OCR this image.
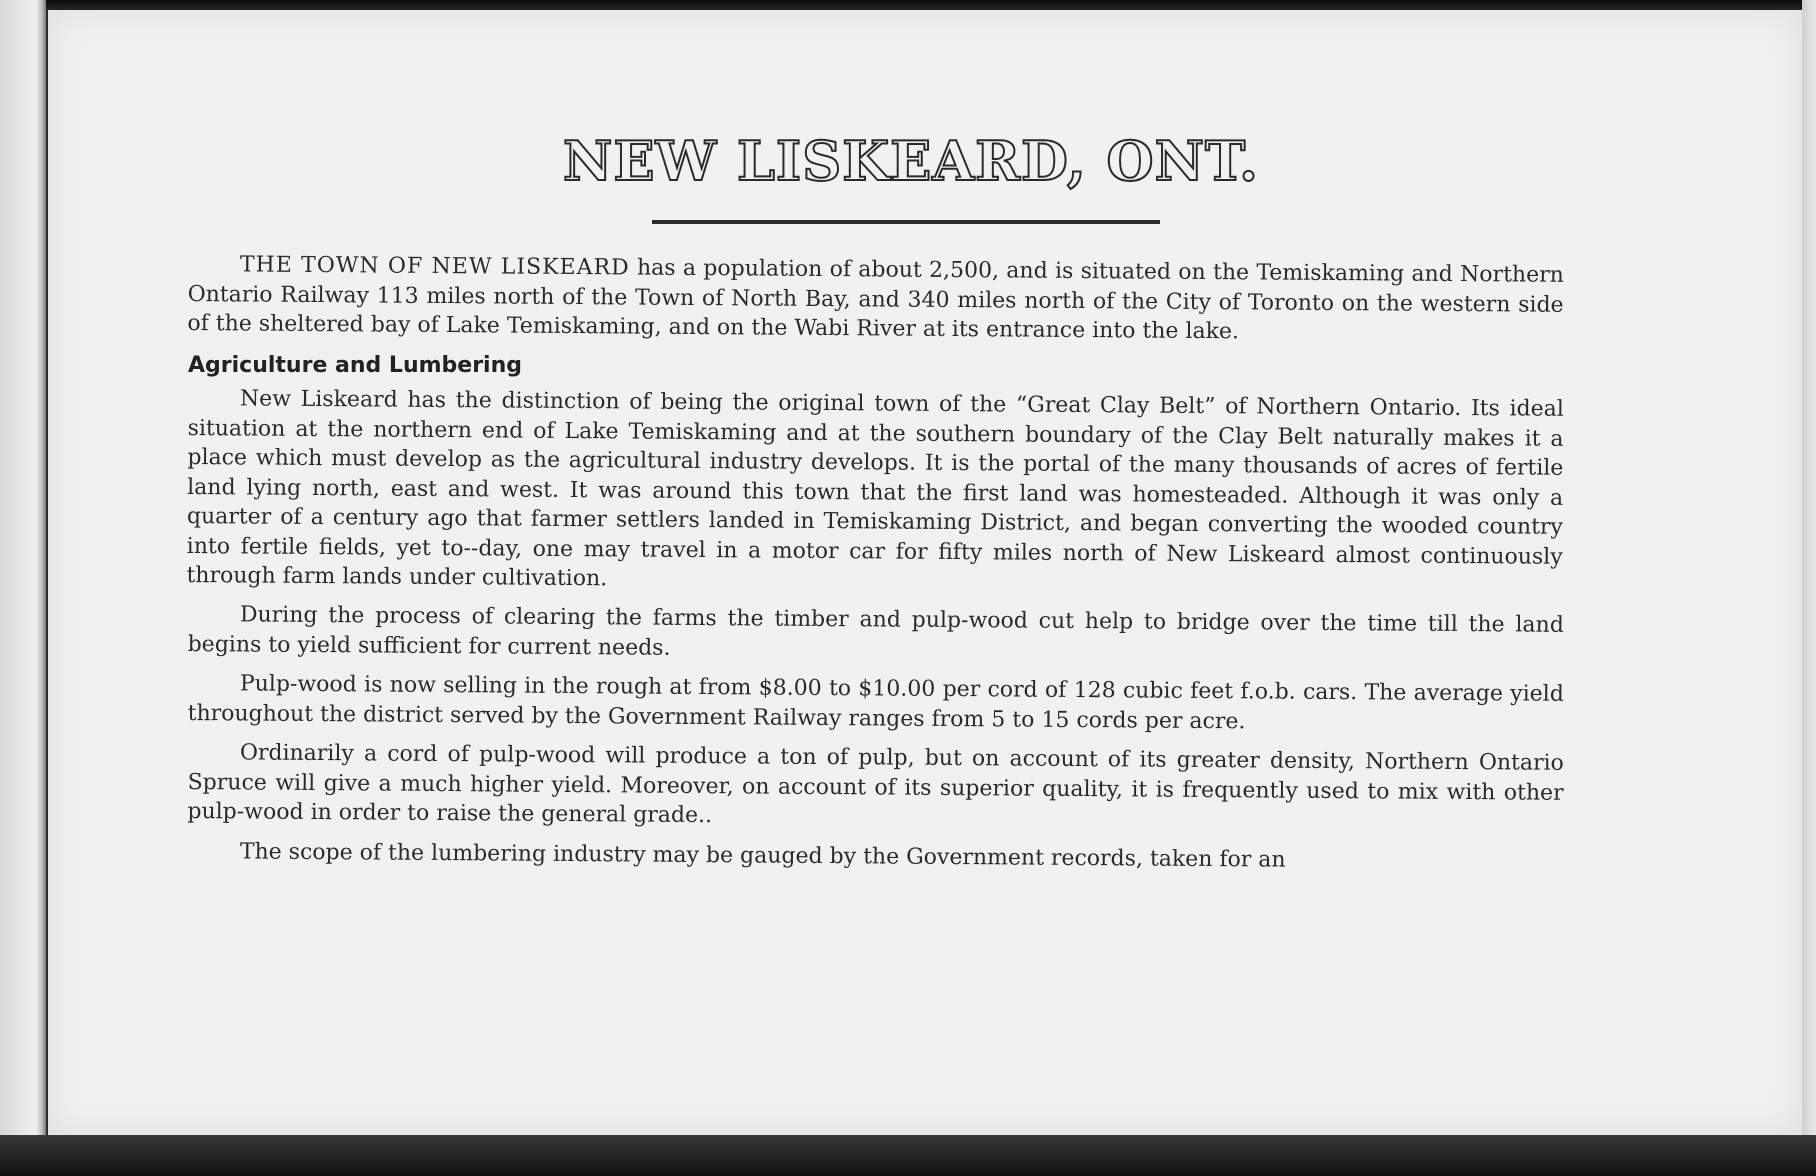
NEW LISKEARD, ONT.

THE TOWN OF NEW LISKEARD has a population of about 2,500, and is situated on the Temiskaming and Northern Ontario Railway 113 miles north of the Town of North Bay, and 340 miles north of the City of Toronto on the western side of the sheltered bay of Lake Temiskaming, and on the Wabi River at its entrance into the lake.

Agriculture and Lumbering

New Liskeard has the distinction of being the original town of the “Great Clay Belt” of Northern Ontario. Its ideal situation at the northern end of Lake Temiskaming and at the southern boundary of the Clay Belt naturally makes it a place which must develop as the agricultural industry develops. It is the portal of the many thousands of acres of fertile land lying north, east and west. It was around this town that the first land was homesteaded. Although it was only a quarter of a century ago that farmer settlers landed in Temiskaming District, and began converting the wooded country into fertile fields, yet to--day, one may travel in a motor car for fifty miles north of New Liskeard almost continuously through farm lands under cultivation.

During the process of clearing the farms the timber and pulp-wood cut help to bridge over the time till the land begins to yield sufficient for current needs.

Pulp-wood is now selling in the rough at from $8.00 to $10.00 per cord of 128 cubic feet f.o.b. cars. The average yield throughout the district served by the Government Railway ranges from 5 to 15 cords per acre.

Ordinarily a cord of pulp-wood will produce a ton of pulp, but on account of its greater density, Northern Ontario Spruce will give a much higher yield. Moreover, on account of its superior quality, it is frequently used to mix with other pulp-wood in order to raise the general grade..

The scope of the lumbering industry may be gauged by the Government records, taken for an
